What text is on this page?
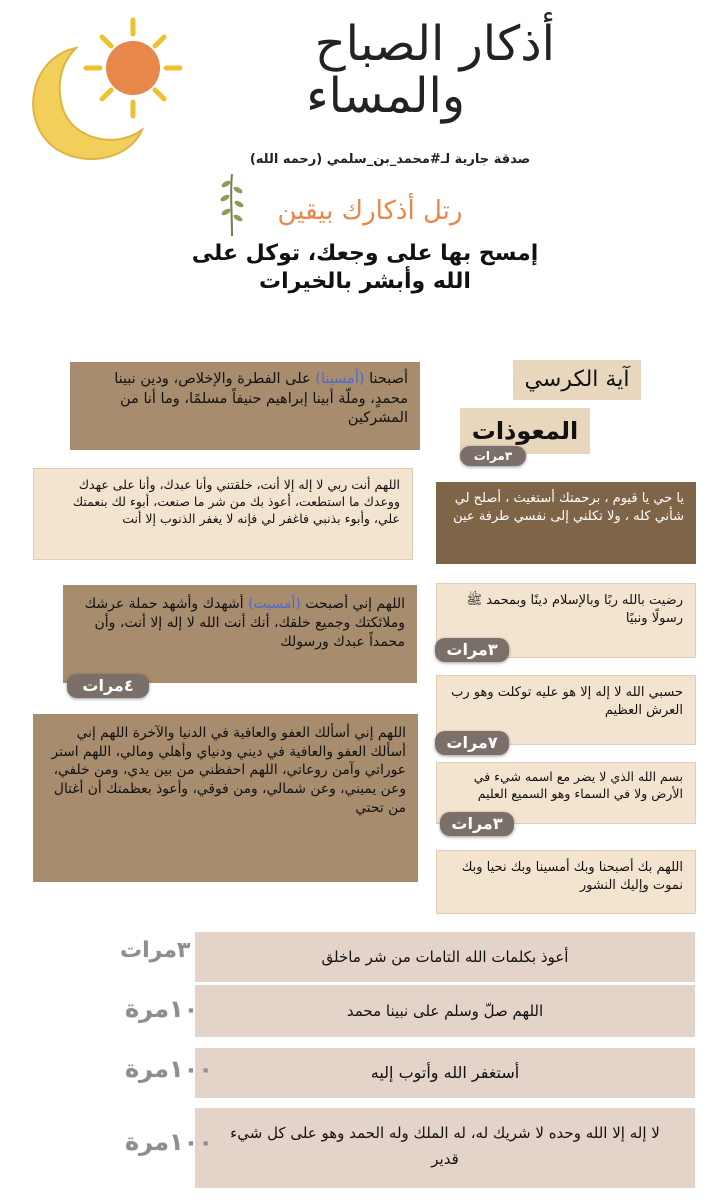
أذكار الصباح
والمساء
صدقة جارية لـ#محمد_بن_سلمي (رحمه الله)
رتل أذكارك بيقين
إمسح بها على وجعك، توكل على الله وأبشر بالخيرات
آية الكرسي
المعوذات
٣مرات
أصبحنا (أمسينا) على الفطرة والإخلاص، ودين نبينا محمدٍ، وملّة أبينا إبراهيم حنيفاً مسلمًا، وما أنا من المشركين
اللهم أنت ربي لا إله إلا أنت، خلقتني وأنا عبدك، وأنا على عهدك ووعدك ما استطعت، أعوذ بك من شر ما صنعت، أبوء لك بنعمتك علي، وأبوء بذنبي فاغفر لي فإنه لا يغفر الذنوب إلا أنت
اللهم إني أصبحت (أمسيت) أشهدك وأشهد حملة عرشك وملائكتك وجميع خلقك، أنك أنت الله لا إله إلا أنت، وأن محمداً عبدك ورسولك
٤مرات
اللهم إني أسألك العفو والعافية في الدنيا والآخرة اللهم إني أسألك العفو والعافية في ديني ودنياي وأهلي ومالي، اللهم استر عوراتي وآمن روعاتي، اللهم احفظني من بين يدي، ومن خلفي، وعن يميني، وعن شمالي، ومن فوقي، وأعوذ بعظمتك أن أغتال من تحتي
يا حي يا قيوم ، برحمتك أستغيث ، أصلح لي شأني كله ، ولا تكلني إلى نفسي طرفة عين
رضيت بالله ربًا وبالإسلام دينًا وبمحمد ﷺ رسولًا ونبيًا
٣مرات
حسبي الله لا إله إلا هو عليه توكلت وهو رب العرش العظيم
٧مرات
بسم الله الذي لا يضر مع اسمه شيء في الأرض ولا في السماء وهو السميع العليم
٣مرات
اللهم بك أصبحنا وبك أمسينا وبك نحيا وبك نموت وإليك النشور
أعوذ بكلمات الله التامات من شر ماخلق
٣مرات
اللهم صلّ وسلم على نبينا محمد
١٠مرة
أستغفر الله وأتوب إليه
١٠٠مرة
لا إله إلا الله وحده لا شريك له، له الملك وله الحمد وهو على كل شيء قدير
١٠٠مرة
